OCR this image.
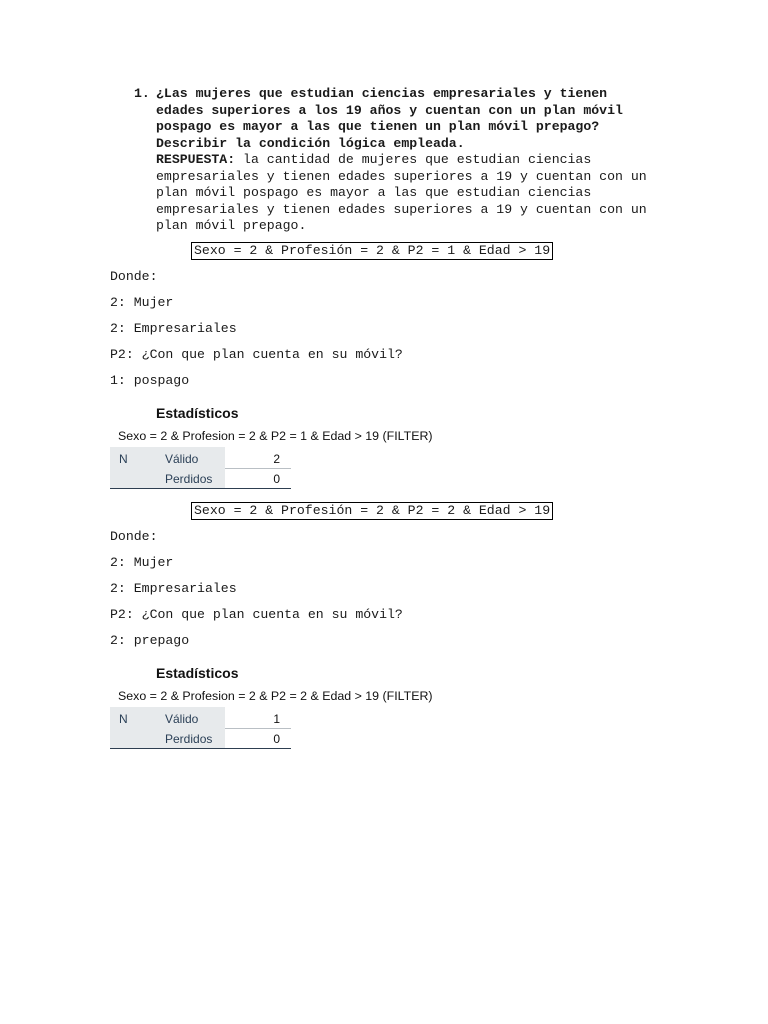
1. ¿Las mujeres que estudian ciencias empresariales y tienen edades superiores a los 19 años y cuentan con un plan móvil pospago es mayor a las que tienen un plan móvil prepago? Describir la condición lógica empleada.
RESPUESTA: la cantidad de mujeres que estudian ciencias empresariales y tienen edades superiores a 19 y cuentan con un plan móvil pospago es mayor a las que estudian ciencias empresariales y tienen edades superiores a 19 y cuentan con un plan móvil prepago.
Sexo = 2 & Profesión = 2 & P2 = 1 & Edad > 19
Donde:
2: Mujer
2: Empresariales
P2: ¿Con que plan cuenta en su móvil?
1: pospago
Estadísticos
Sexo = 2 & Profesion = 2 & P2 = 1 & Edad > 19 (FILTER)
N	Válido
Perdidos
2
0
Sexo = 2 & Profesión = 2 & P2 = 2 & Edad > 19
Donde:
2: Mujer
2: Empresariales
P2: ¿Con que plan cuenta en su móvil?
2: prepago
Estadísticos
Sexo = 2 & Profesion = 2 & P2 = 2 & Edad > 19 (FILTER)
N	Válido
Perdidos
1
0
